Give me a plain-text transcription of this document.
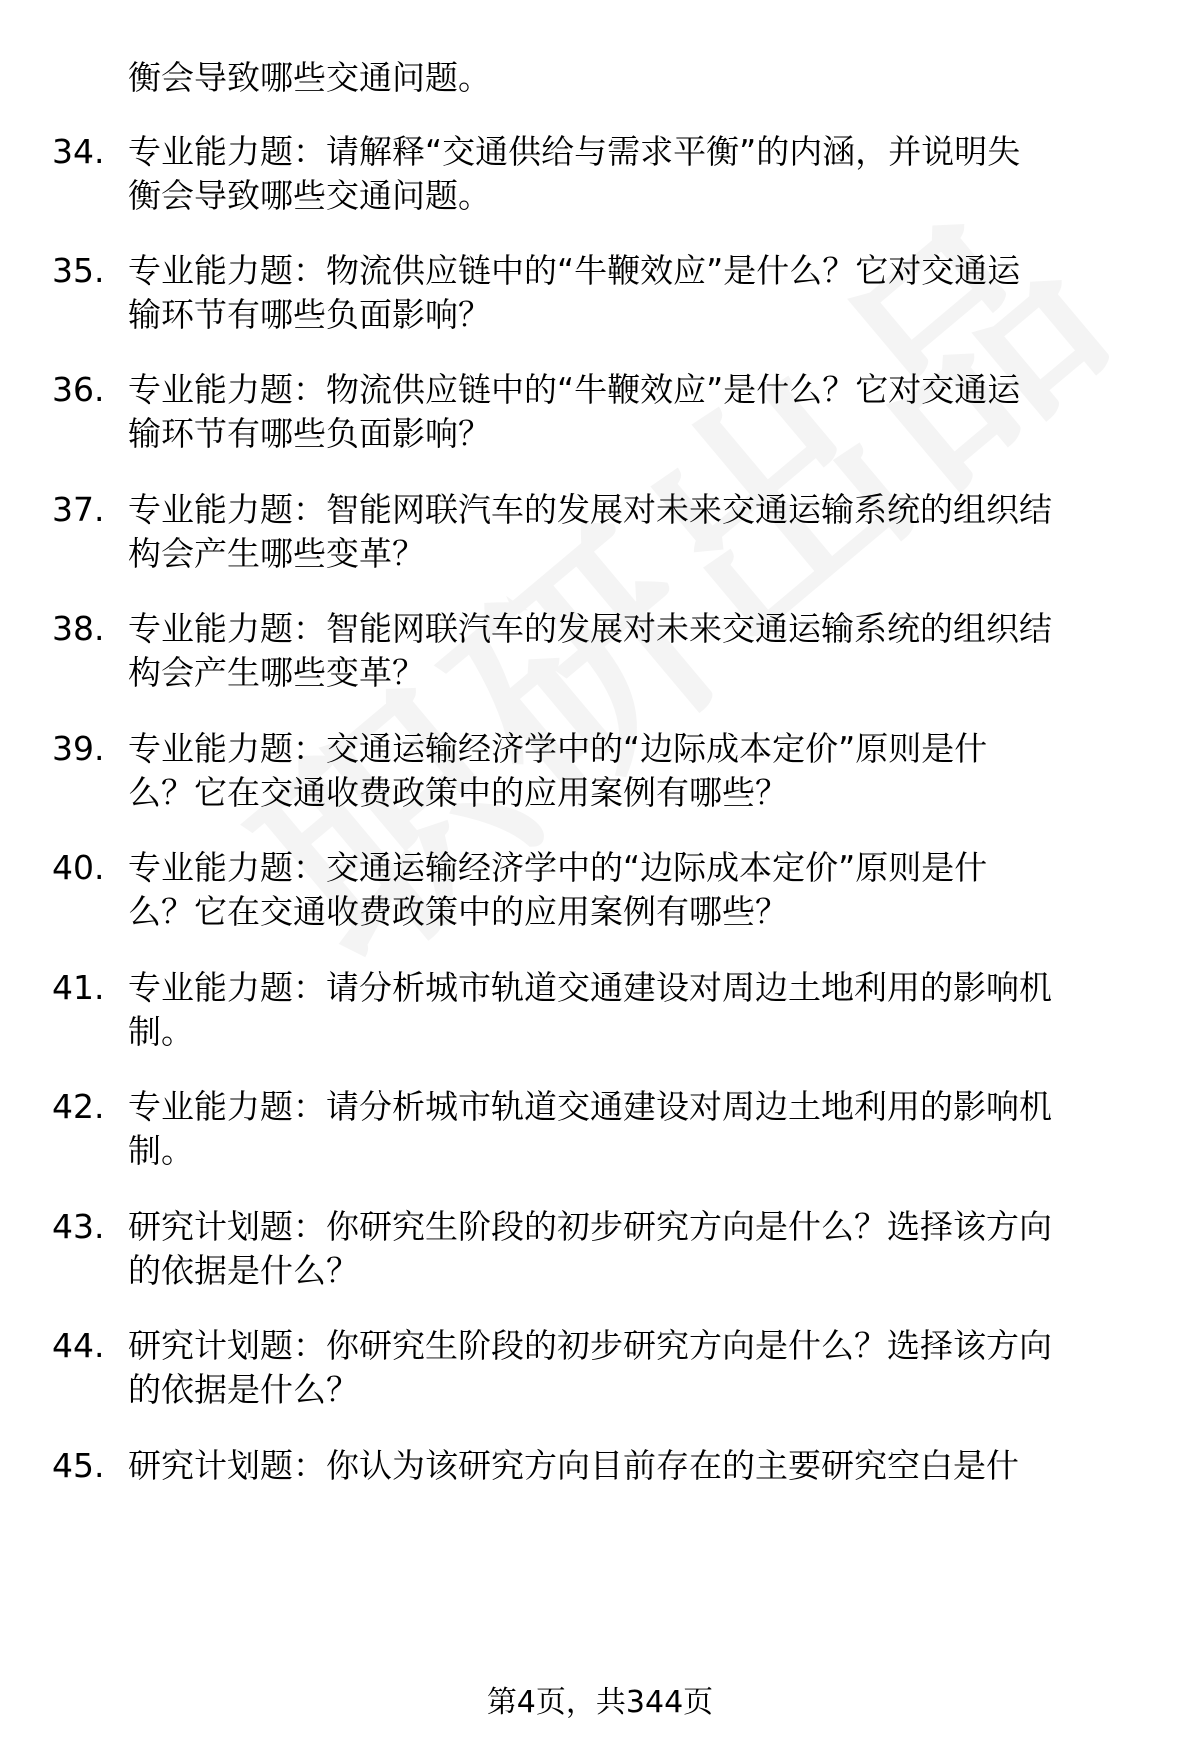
衡会导致哪些交通问题。
34. 专业能力题：请解释“交通供给与需求平衡”的内涵，并说明失
衡会导致哪些交通问题。
35. 专业能力题：物流供应链中的“牛鞭效应”是什么？它对交通运
输环节有哪些负面影响？
36. 专业能力题：物流供应链中的“牛鞭效应”是什么？它对交通运
输环节有哪些负面影响？
37. 专业能力题：智能网联汽车的发展对未来交通运输系统的组织结
构会产生哪些变革？
38. 专业能力题：智能网联汽车的发展对未来交通运输系统的组织结
构会产生哪些变革？
39. 专业能力题：交通运输经济学中的“边际成本定价”原则是什
么？它在交通收费政策中的应用案例有哪些？
40. 专业能力题：交通运输经济学中的“边际成本定价”原则是什
么？它在交通收费政策中的应用案例有哪些？
41. 专业能力题：请分析城市轨道交通建设对周边土地利用的影响机
制。
42. 专业能力题：请分析城市轨道交通建设对周边土地利用的影响机
制。
43. 研究计划题：你研究生阶段的初步研究方向是什么？选择该方向
的依据是什么？
44. 研究计划题：你研究生阶段的初步研究方向是什么？选择该方向
的依据是什么？
45. 研究计划题：你认为该研究方向目前存在的主要研究空白是什
第4页，共344页
